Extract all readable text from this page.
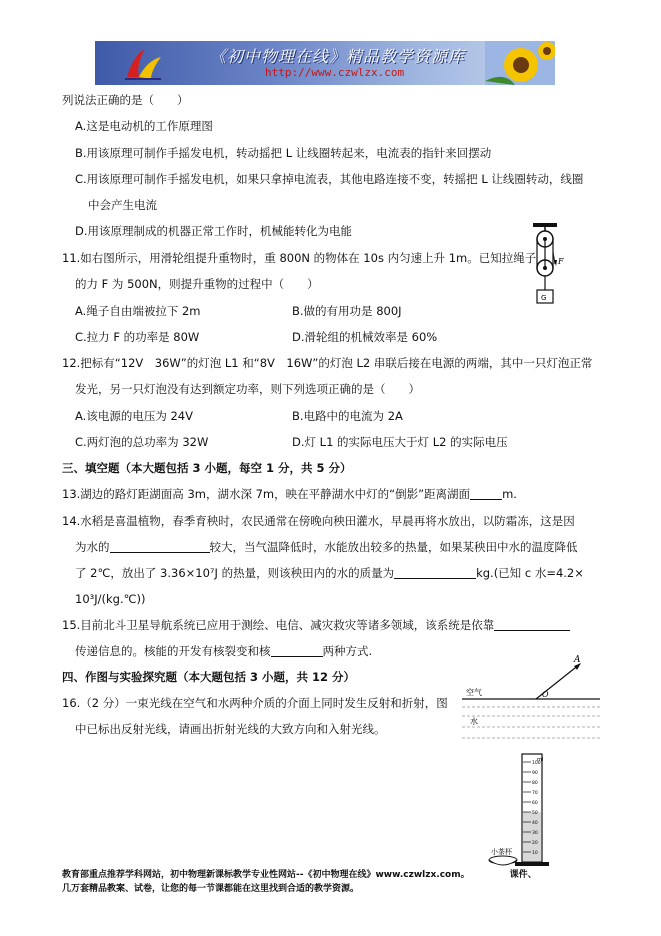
《初中物理在线》精品教学资源库
http://www.czwlzx.com
列说法正确的是（　　）
A.这是电动机的工作原理图
B.用该原理可制作手摇发电机，转动摇把 L 让线圈转起来，电流表的指针来回摆动
C.用该原理可制作手摇发电机，如果只拿掉电流表，其他电路连接不变，转摇把 L 让线圈转动，线圈
中会产生电流
D.用该原理制成的机器正常工作时，机械能转化为电能
11.如右图所示，用滑轮组提升重物时，重 800N 的物体在 10s 内匀速上升 1m。已知拉绳子
的力 F 为 500N，则提升重物的过程中（　　）
A.绳子自由端被拉下 2m	B.做的有用功是 800J
C.拉力 F 的功率是 80W	D.滑轮组的机械效率是 60%
12.把标有“12V　36W”的灯泡 L1 和“8V　16W”的灯泡 L2 串联后接在电源的两端，其中一只灯泡正常
发光，另一只灯泡没有达到额定功率，则下列选项正确的是（　　）
A.该电源的电压为 24V	B.电路中的电流为 2A
C.两灯泡的总功率为 32W	D.灯 L1 的实际电压大于灯 L2 的实际电压
三、填空题（本大题包括 3 小题，每空 1 分，共 5 分）
13.湖边的路灯距湖面高 3m，湖水深 7m，映在平静湖水中灯的“倒影”距离湖面	m.
14.水稻是喜温植物，春季育秧时，农民通常在傍晚向秧田灌水，早晨再将水放出，以防霜冻，这是因
为水的	较大，当气温降低时，水能放出较多的热量，如果某秧田中水的温度降低
了 2℃，放出了 3.36×10⁷J 的热量，则该秧田内的水的质量为	kg.(已知 c 水=4.2×
10³J/(kg.℃))
15.目前北斗卫星导航系统已应用于测绘、电信、减灾救灾等诸多领域，该系统是依靠
传递信息的。核能的开发有核裂变和核	两种方式.
四、作图与实验探究题（本大题包括 3 小题，共 12 分）
16.（2 分）一束光线在空气和水两种介质的介面上同时发生反射和折射，图
中已标出反射光线，请画出折射光线的大致方向和入射光线。
F
G
A
O
空气
水
ml
100
90
80
70
60
50
40
30
20
10
小茶杯
教育部重点推荐学科网站，初中物理新课标教学专业性网站--《初中物理在线》www.czwlzx.com。	课件、
几万套精品教案、试卷，让您的每一节课都能在这里找到合适的教学资源。
